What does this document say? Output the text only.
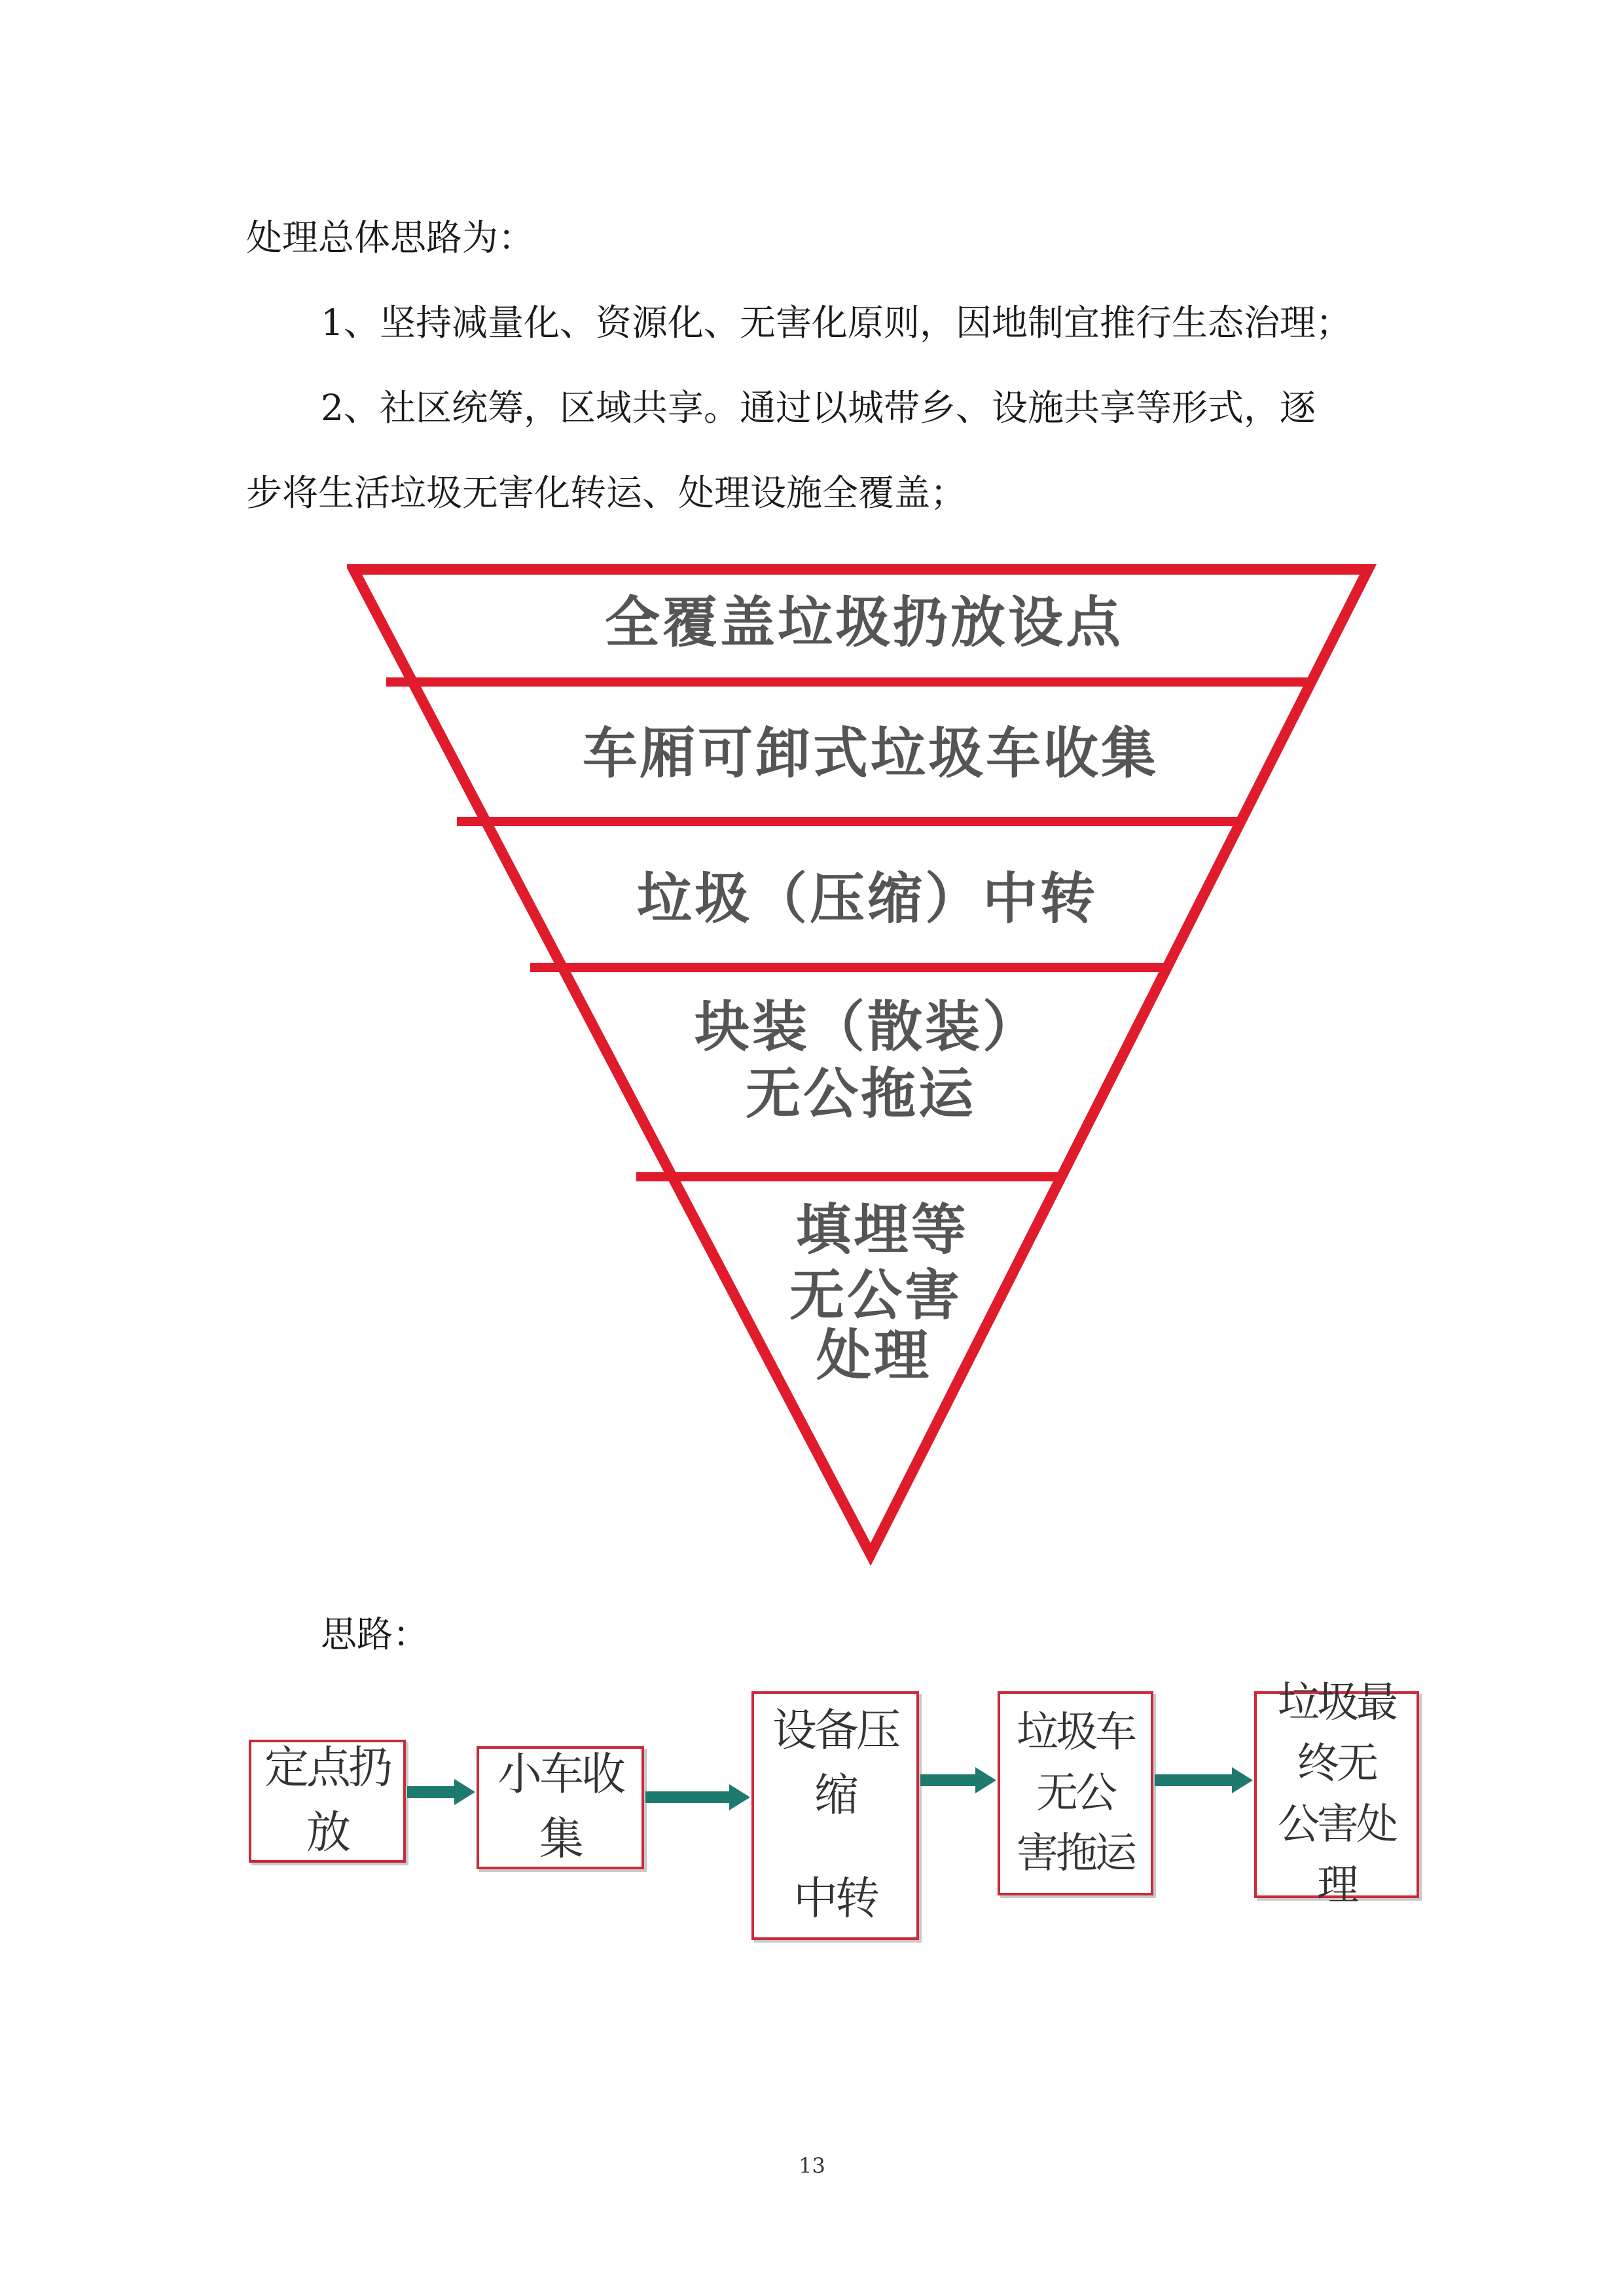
处理总体思路为：

1、坚持减量化、资源化、无害化原则，因地制宜推行生态治理；

2、社区统筹，区域共享。通过以城带乡、设施共享等形式，逐

步将生活垃圾无害化转运、处理设施全覆盖；

全覆盖垃圾扔放设点
车厢可卸式垃圾车收集
垃圾（压缩）中转
块装（散装）
无公拖运
填埋等
无公害
处理

思路：

定点扔放
小车收集
设备压缩
中转
垃圾车无公
害拖运
垃圾最终无
公害处理
13
